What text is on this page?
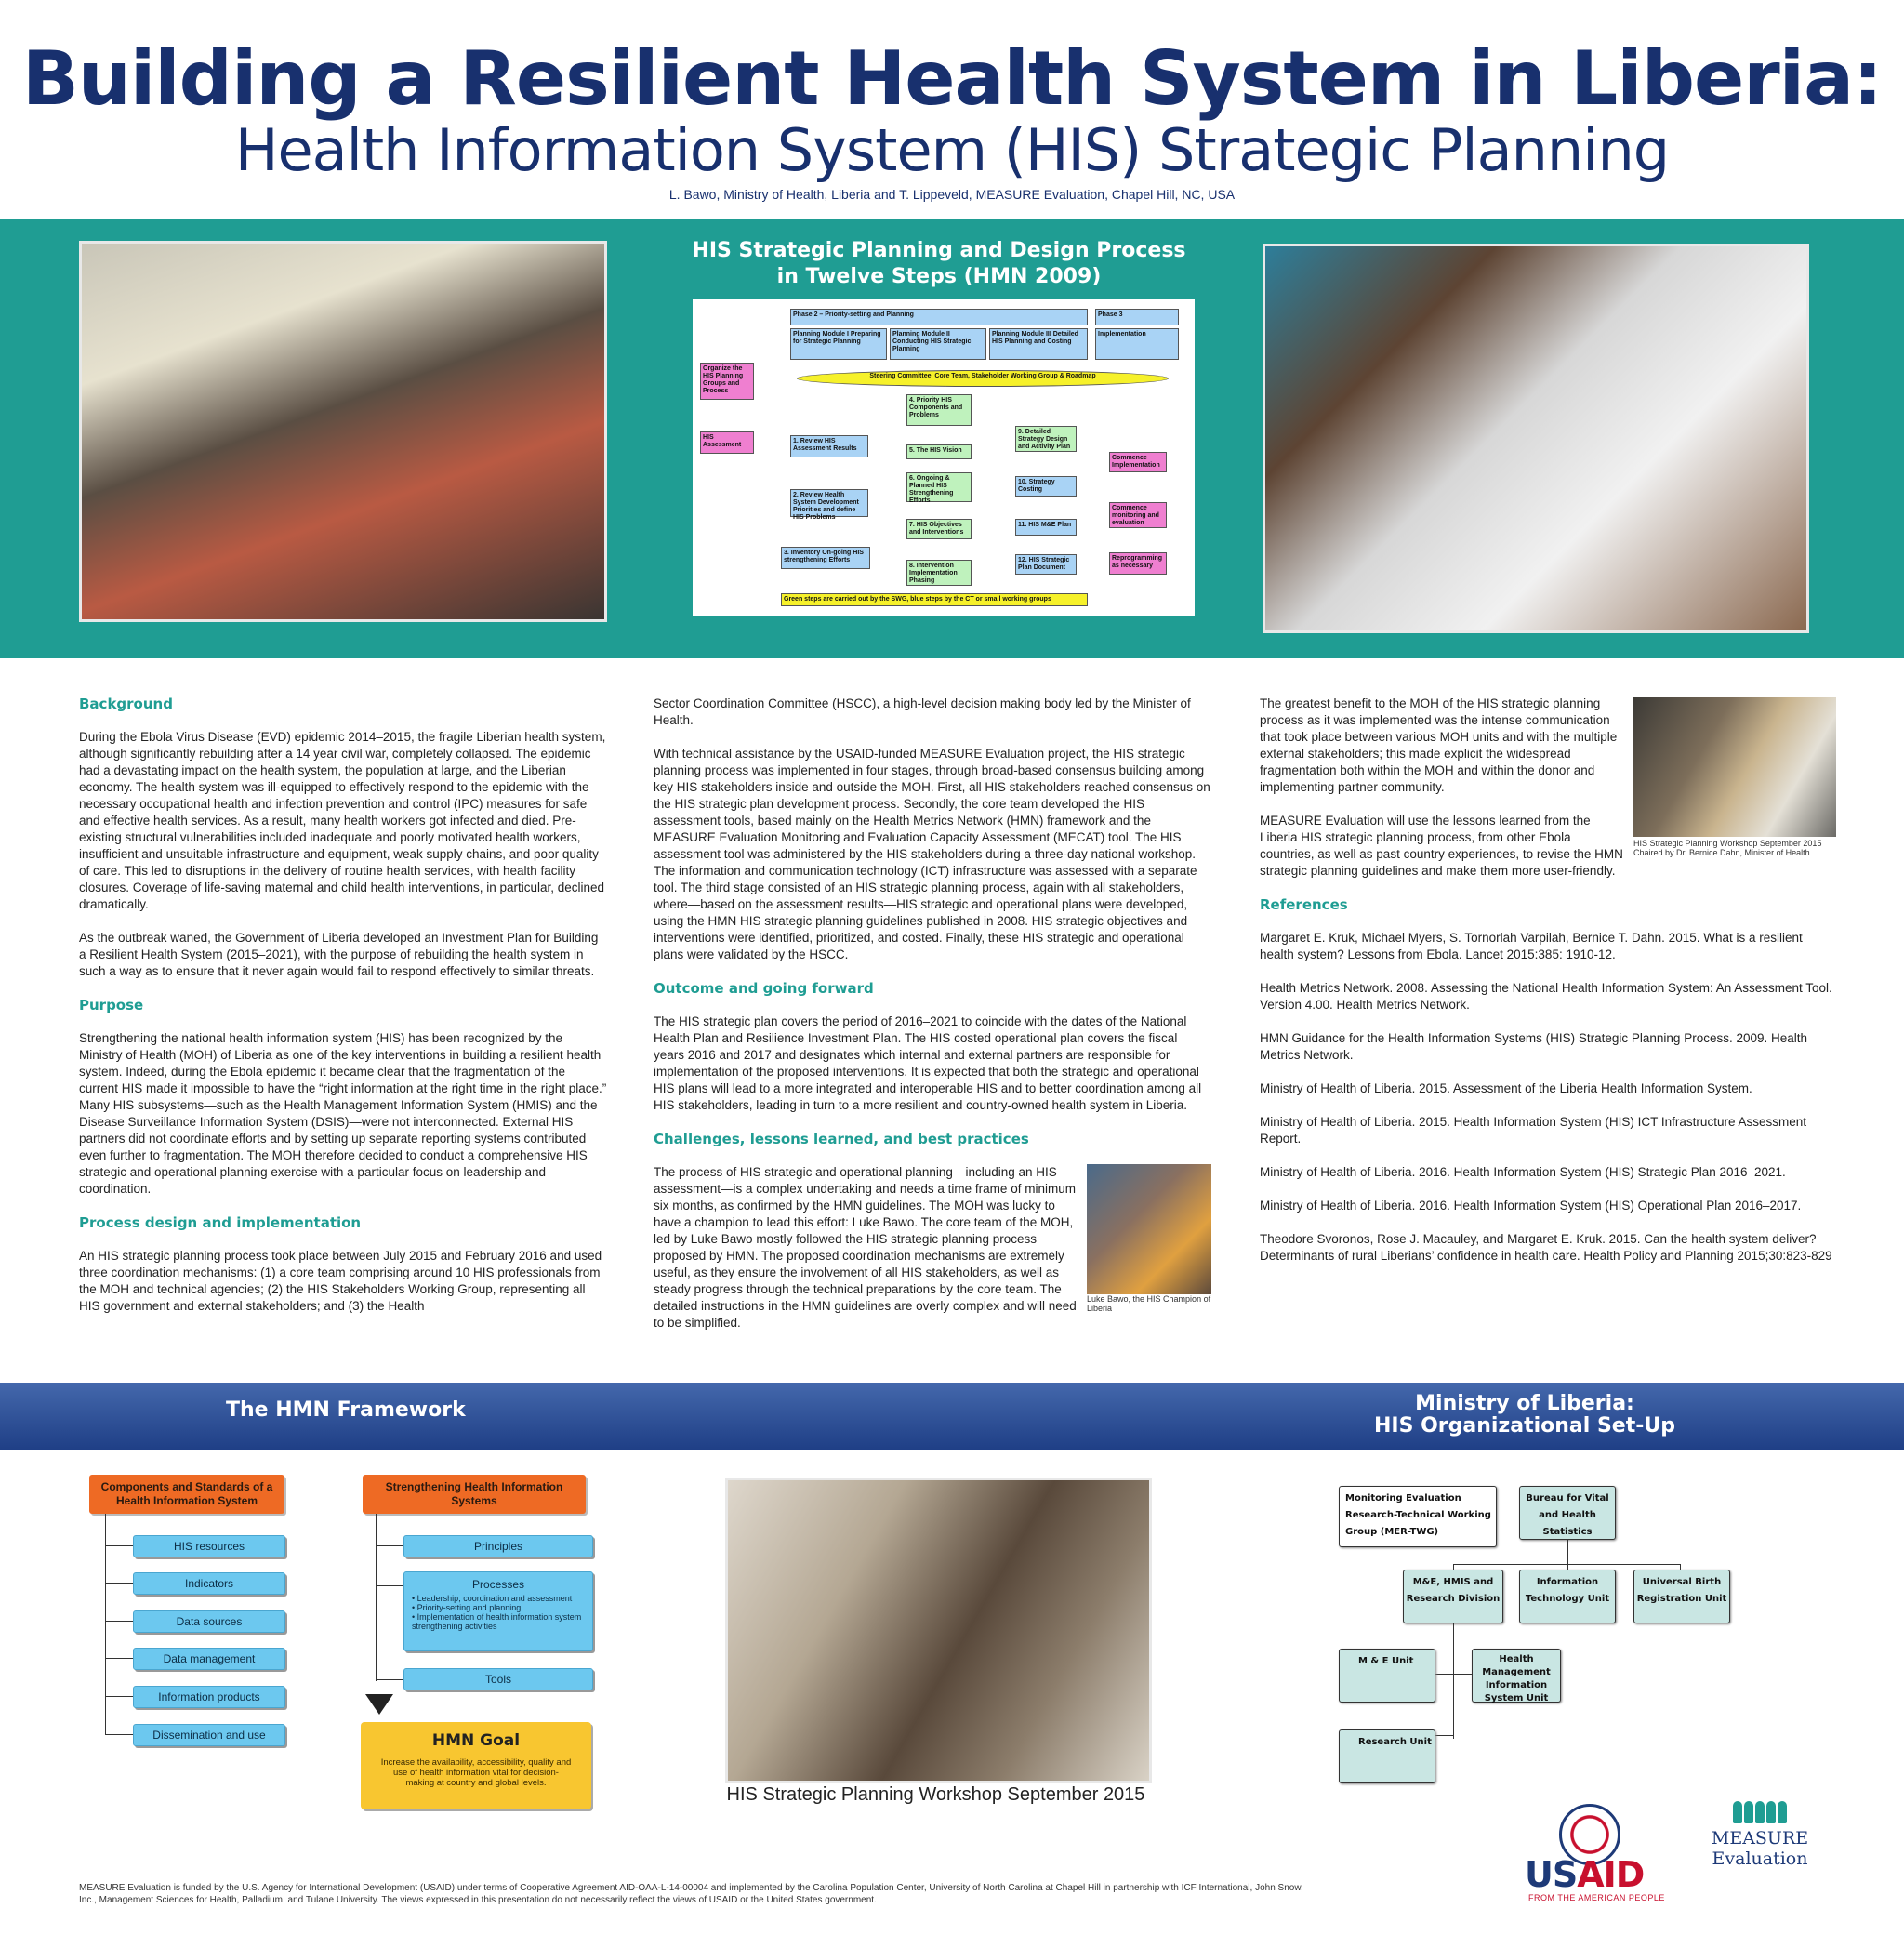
Building a Resilient Health System in Liberia:
Health Information System (HIS) Strategic Planning
L. Bawo, Ministry of Health, Liberia and T. Lippeveld, MEASURE Evaluation, Chapel Hill, NC, USA
HIS Strategic Planning and Design Process
in Twelve Steps (HMN 2009)
Phase 2 – Priority-setting and Planning	Phase 3
Planning Module I Preparing for Strategic Planning
Planning Module II Conducting HIS Strategic Planning
Planning Module III Detailed HIS Planning and Costing
Implementation
Organize the HIS Planning Groups and Process
Steering Committee, Core Team, Stakeholder Working Group & Roadmap
HIS Assessment
1. Review HIS Assessment Results
2. Review Health System Development Priorities and define HIS Problems
3. Inventory On-going HIS strengthening Efforts
4. Priority HIS Components and Problems
5. The HIS Vision
6. Ongoing & Planned HIS Strengthening Efforts
7. HIS Objectives and Interventions
8. Intervention Implementation Phasing
9. Detailed Strategy Design and Activity Plan
10. Strategy Costing
11. HIS M&E Plan
12. HIS Strategic Plan Document
Commence Implementation
Commence monitoring and evaluation
Reprogramming as necessary
Green steps are carried out by the SWG, blue steps by the CT or small working groups
Background

During the Ebola Virus Disease (EVD) epidemic 2014–2015, the fragile Liberian health system, although significantly rebuilding after a 14 year civil war, completely collapsed. The epidemic had a devastating impact on the health system, the population at large, and the Liberian economy. The health system was ill-equipped to effectively respond to the epidemic with the necessary occupational health and infection prevention and control (IPC) measures for safe and effective health services. As a result, many health workers got infected and died. Pre-existing structural vulnerabilities included inadequate and poorly motivated health workers, insufficient and unsuitable infrastructure and equipment, weak supply chains, and poor quality of care. This led to disruptions in the delivery of routine health services, with health facility closures. Coverage of life-saving maternal and child health interventions, in particular, declined dramatically.

As the outbreak waned, the Government of Liberia developed an Investment Plan for Building a Resilient Health System (2015–2021), with the purpose of rebuilding the health system in such a way as to ensure that it never again would fail to respond effectively to similar threats.

Purpose

Strengthening the national health information system (HIS) has been recognized by the Ministry of Health (MOH) of Liberia as one of the key interventions in building a resilient health system. Indeed, during the Ebola epidemic it became clear that the fragmentation of the current HIS made it impossible to have the “right information at the right time in the right place.” Many HIS subsystems—such as the Health Management Information System (HMIS) and the Disease Surveillance Information System (DSIS)—were not interconnected. External HIS partners did not coordinate efforts and by setting up separate reporting systems contributed even further to fragmentation. The MOH therefore decided to conduct a comprehensive HIS strategic and operational planning exercise with a particular focus on leadership and coordination.

Process design and implementation

An HIS strategic planning process took place between July 2015 and February 2016 and used three coordination mechanisms: (1) a core team comprising around 10 HIS professionals from the MOH and technical agencies; (2) the HIS Stakeholders Working Group, representing all HIS government and external stakeholders; and (3) the Health

Sector Coordination Committee (HSCC), a high-level decision making body led by the Minister of Health.

With technical assistance by the USAID-funded MEASURE Evaluation project, the HIS strategic planning process was implemented in four stages, through broad-based consensus building among key HIS stakeholders inside and outside the MOH. First, all HIS stakeholders reached consensus on the HIS strategic plan development process. Secondly, the core team developed the HIS assessment tools, based mainly on the Health Metrics Network (HMN) framework and the MEASURE Evaluation Monitoring and Evaluation Capacity Assessment (MECAT) tool. The HIS assessment tool was administered by the HIS stakeholders during a three-day national workshop. The information and communication technology (ICT) infrastructure was assessed with a separate tool. The third stage consisted of an HIS strategic planning process, again with all stakeholders, where—based on the assessment results—HIS strategic and operational plans were developed, using the HMN HIS strategic planning guidelines published in 2008. HIS strategic objectives and interventions were identified, prioritized, and costed. Finally, these HIS strategic and operational plans were validated by the HSCC.

Outcome and going forward

The HIS strategic plan covers the period of 2016–2021 to coincide with the dates of the National Health Plan and Resilience Investment Plan. The HIS costed operational plan covers the fiscal years 2016 and 2017 and designates which internal and external partners are responsible for implementation of the proposed interventions. It is expected that both the strategic and operational HIS plans will lead to a more integrated and interoperable HIS and to better coordination among all HIS stakeholders, leading in turn to a more resilient and country-owned health system in Liberia.

Challenges, lessons learned, and best practices
Luke Bawo, the HIS Champion of Liberia

The process of HIS strategic and operational planning—including an HIS assessment—is a complex undertaking and needs a time frame of minimum six months, as confirmed by the HMN guidelines. The MOH was lucky to have a champion to lead this effort: Luke Bawo. The core team of the MOH, led by Luke Bawo mostly followed the HIS strategic planning process proposed by HMN. The proposed coordination mechanisms are extremely useful, as they ensure the involvement of all HIS stakeholders, as well as steady progress through the technical preparations by the core team. The detailed instructions in the HMN guidelines are overly complex and will need to be simplified.

HIS Strategic Planning Workshop September 2015 Chaired by Dr. Bernice Dahn, Minister of Health

The greatest benefit to the MOH of the HIS strategic planning process as it was implemented was the intense communication that took place between various MOH units and with the multiple external stakeholders; this made explicit the widespread fragmentation both within the MOH and within the donor and implementing partner community.

MEASURE Evaluation will use the lessons learned from the Liberia HIS strategic planning process, from other Ebola countries, as well as past country experiences, to revise the HMN strategic planning guidelines and make them more user-friendly.

References

Margaret E. Kruk, Michael Myers, S. Tornorlah Varpilah, Bernice T. Dahn. 2015. What is a resilient health system? Lessons from Ebola. Lancet 2015:385: 1910-12.

Health Metrics Network. 2008. Assessing the National Health Information System: An Assessment Tool. Version 4.00. Health Metrics Network.

HMN Guidance for the Health Information Systems (HIS) Strategic Planning Process. 2009. Health Metrics Network.

Ministry of Health of Liberia. 2015. Assessment of the Liberia Health Information System.

Ministry of Health of Liberia. 2015. Health Information System (HIS) ICT Infrastructure Assessment Report.

Ministry of Health of Liberia. 2016. Health Information System (HIS) Strategic Plan 2016–2021.

Ministry of Health of Liberia. 2016. Health Information System (HIS) Operational Plan 2016–2017.

Theodore Svoronos, Rose J. Macauley, and Margaret E. Kruk. 2015. Can the health system deliver? Determinants of rural Liberians’ confidence in health care. Health Policy and Planning 2015;30:823-829

The HMN Framework	Ministry of Liberia:
HIS Organizational Set-Up
Components and Standards of a Health Information System
HIS resources
Indicators
Data sources
Data management
Information products
Dissemination and use
Strengthening Health Information Systems
Principles
Processes
• Leadership, coordination and assessment
• Priority-setting and planning
• Implementation of health information system strengthening activities
Tools
HMN Goal
Increase the availability, accessibility, quality and use of health information vital for decision-making at country and global levels.
HIS Strategic Planning Workshop September 2015
Monitoring Evaluation Research-Technical Working Group (MER-TWG)
Bureau for Vital and Health Statistics
M&E, HMIS and Research Division
Information Technology Unit
Universal Birth Registration Unit
M & E Unit	Health Management Information System Unit
Research Unit
MEASURE Evaluation is funded by the U.S. Agency for International Development (USAID) under terms of Cooperative Agreement AID-OAA-L-14-00004 and implemented by the Carolina Population Center, University of North Carolina at Chapel Hill in partnership with ICF International, John Snow, Inc., Management Sciences for Health, Palladium, and Tulane University. The views expressed in this presentation do not necessarily reflect the views of USAID or the United States government.
USAID
FROM THE AMERICAN PEOPLE
MEASURE
Evaluation
